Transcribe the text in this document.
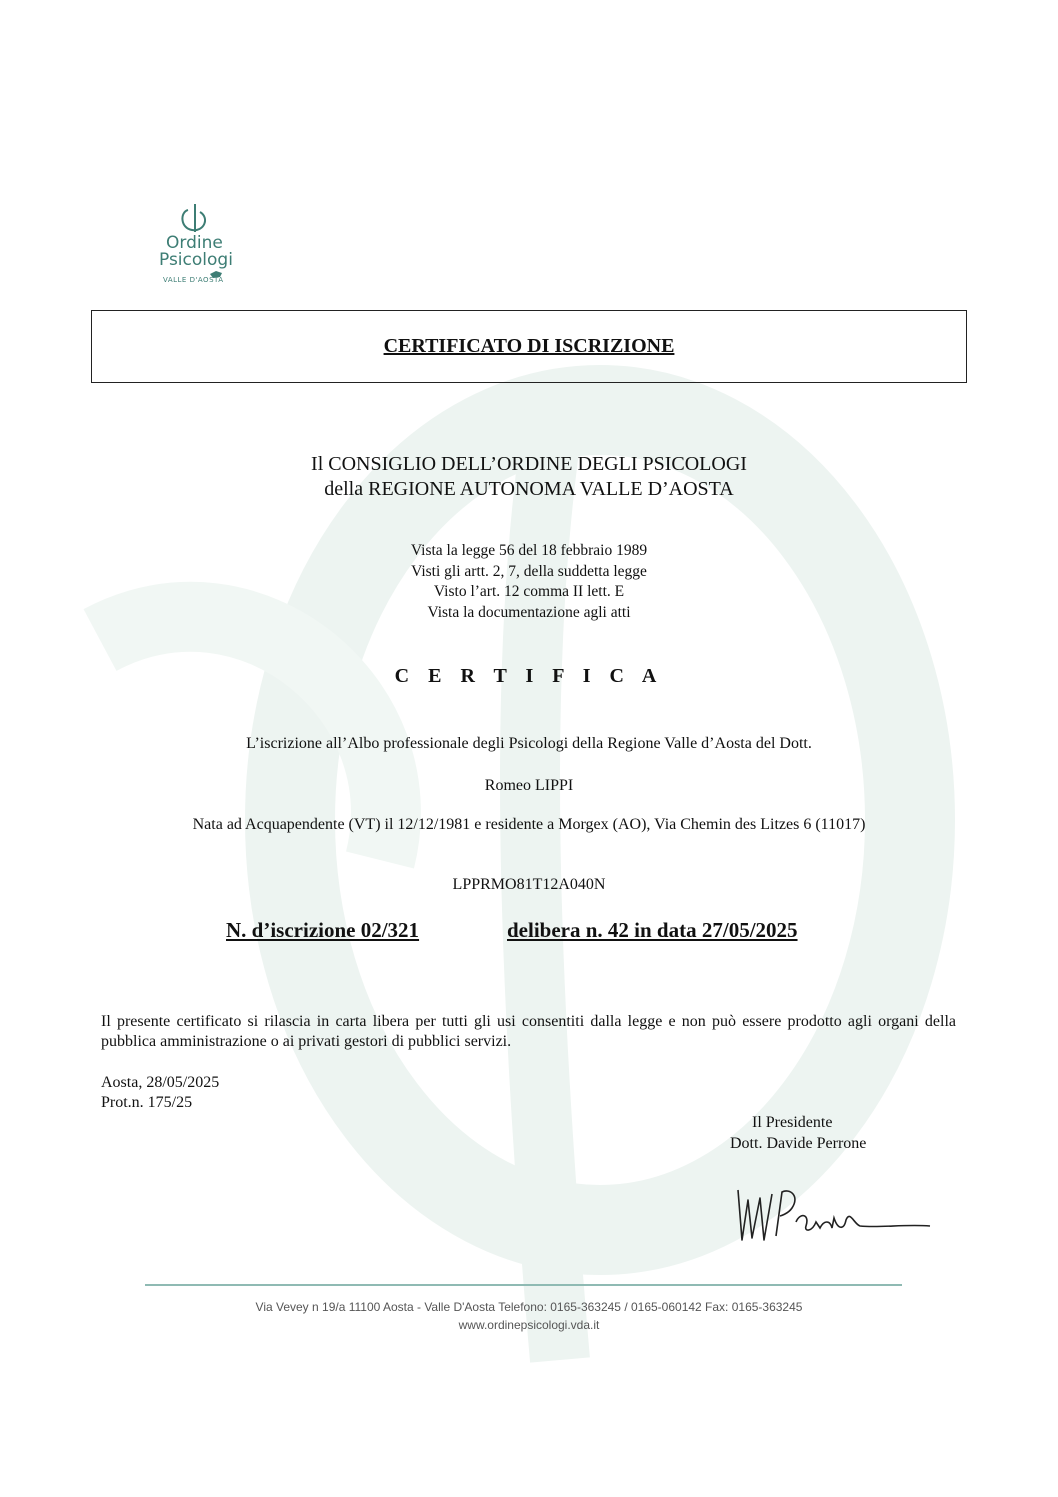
Ordine
Psicologi
VALLE D'AOSTA
CERTIFICATO DI ISCRIZIONE
Il CONSIGLIO DELL’ORDINE DEGLI PSICOLOGI
della REGIONE AUTONOMA VALLE D’AOSTA
Vista la legge 56 del 18 febbraio 1989
Visti gli artt. 2, 7, della suddetta legge
Visto l’art. 12 comma II lett. E
Vista la documentazione agli atti
C E R T I F I C A
L’iscrizione all’Albo professionale degli Psicologi della Regione Valle d’Aosta del Dott.
Romeo LIPPI
Nata ad Acquapendente (VT) il 12/12/1981 e residente a Morgex (AO), Via Chemin des Litzes 6 (11017)
LPPRMO81T12A040N
N. d’iscrizione 02/321	delibera n. 42 in data 27/05/2025
Il presente certificato si rilascia in carta libera per tutti gli usi consentiti dalla legge e non può essere prodotto agli organi della pubblica amministrazione o ai privati gestori di pubblici servizi.
Aosta, 28/05/2025
Prot.n. 175/25
Il Presidente
Dott. Davide Perrone
Via Vevey n 19/a 11100 Aosta - Valle D'Aosta Telefono: 0165-363245 / 0165-060142 Fax: 0165-363245
www.ordinepsicologi.vda.it
